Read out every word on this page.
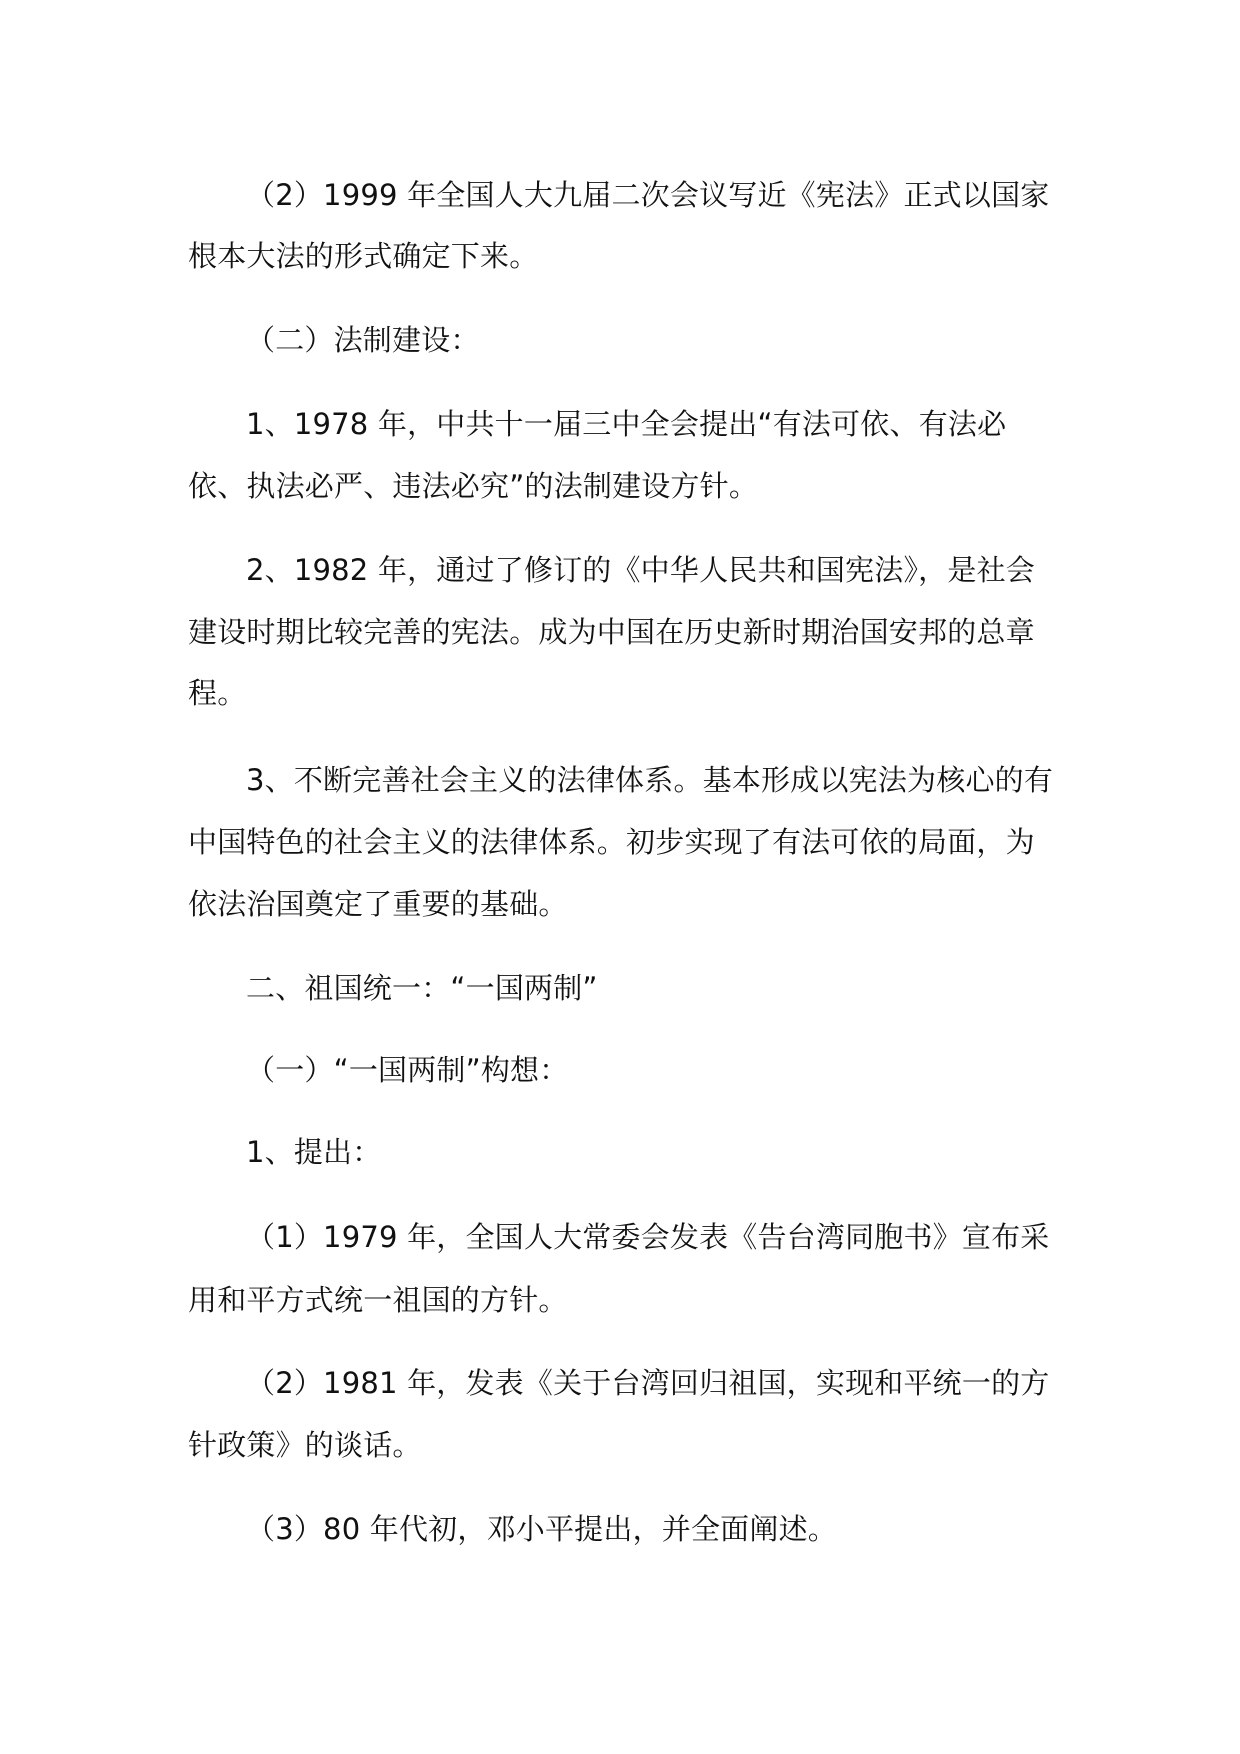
（2）1999 年全国人大九届二次会议写近《宪法》正式以国家
根本大法的形式确定下来。
（二）法制建设：
1、1978 年，中共十一届三中全会提出“有法可依、有法必
依、执法必严、违法必究”的法制建设方针。
2、1982 年，通过了修订的《中华人民共和国宪法》，是社会
建设时期比较完善的宪法。成为中国在历史新时期治国安邦的总章
程。
3、不断完善社会主义的法律体系。基本形成以宪法为核心的有
中国特色的社会主义的法律体系。初步实现了有法可依的局面，为
依法治国奠定了重要的基础。
二、祖国统一：“一国两制”
（一）“一国两制”构想：
1、提出：
（1）1979 年，全国人大常委会发表《告台湾同胞书》宣布采
用和平方式统一祖国的方针。
（2）1981 年，发表《关于台湾回归祖国，实现和平统一的方
针政策》的谈话。
（3）80 年代初，邓小平提出，并全面阐述。
